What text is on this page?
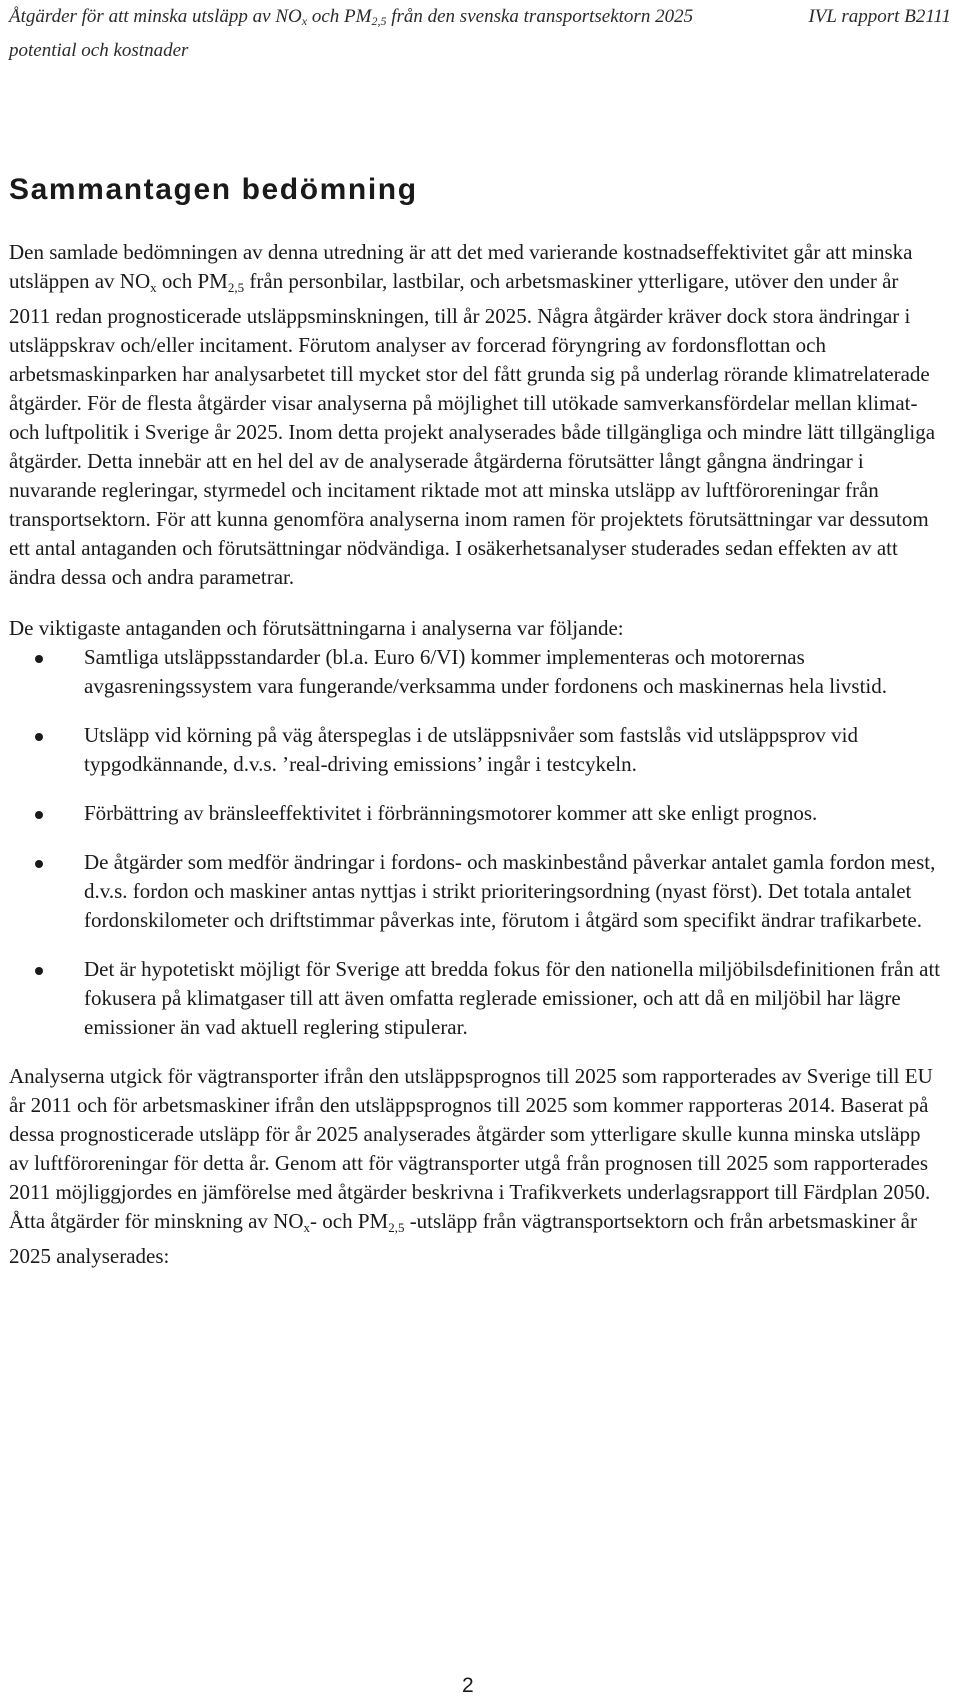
Åtgärder för att minska utsläpp av $NO_x$ och $PM_{2,5}$ från den svenska transportsektorn 2025	IVL rapport B2111
potential och kostnader
Sammantagen bedömning

Den samlade bedömningen av denna utredning är att det med varierande kostnadseffektivitet går att minska utsläppen av $NO_x$ och $PM_{2,5}$ från personbilar, lastbilar, och arbetsmaskiner ytterligare, utöver den under år 2011 redan prognosticerade utsläppsminskningen, till år 2025. Några åtgärder kräver dock stora ändringar i utsläppskrav och/eller incitament. Förutom analyser av forcerad föryngring av fordonsflottan och arbetsmaskinparken har analysarbetet till mycket stor del fått grunda sig på underlag rörande klimatrelaterade åtgärder. För de flesta åtgärder visar analyserna på möjlighet till utökade samverkansfördelar mellan klimat- och luftpolitik i Sverige år 2025. Inom detta projekt analyserades både tillgängliga och mindre lätt tillgängliga åtgärder. Detta innebär att en hel del av de analyserade åtgärderna förutsätter långt gångna ändringar i nuvarande regleringar, styrmedel och incitament riktade mot att minska utsläpp av luftföroreningar från transportsektorn. För att kunna genomföra analyserna inom ramen för projektets förutsättningar var dessutom ett antal antaganden och förutsättningar nödvändiga. I osäkerhetsanalyser studerades sedan effekten av att ändra dessa och andra parametrar.

De viktigaste antaganden och förutsättningarna i analyserna var följande:

Samtliga utsläppsstandarder (bl.a. Euro 6/VI) kommer implementeras och motorernas avgasreningssystem vara fungerande/verksamma under fordonens och maskinernas hela livstid.
Utsläpp vid körning på väg återspeglas i de utsläppsnivåer som fastslås vid utsläppsprov vid typgodkännande, d.v.s. ’real-driving emissions’ ingår i testcykeln.
Förbättring av bränsleeffektivitet i förbränningsmotorer kommer att ske enligt prognos.
De åtgärder som medför ändringar i fordons- och maskinbestånd påverkar antalet gamla fordon mest, d.v.s. fordon och maskiner antas nyttjas i strikt prioriteringsordning (nyast först). Det totala antalet fordonskilometer och driftstimmar påverkas inte, förutom i åtgärd som specifikt ändrar trafikarbete.
Det är hypotetiskt möjligt för Sverige att bredda fokus för den nationella miljöbilsdefinitionen från att fokusera på klimatgaser till att även omfatta reglerade emissioner, och att då en miljöbil har lägre emissioner än vad aktuell reglering stipulerar.

Analyserna utgick för vägtransporter ifrån den utsläppsprognos till 2025 som rapporterades av Sverige till EU år 2011 och för arbetsmaskiner ifrån den utsläppsprognos till 2025 som kommer rapporteras 2014. Baserat på dessa prognosticerade utsläpp för år 2025 analyserades åtgärder som ytterligare skulle kunna minska utsläpp av luftföroreningar för detta år. Genom att för vägtransporter utgå från prognosen till 2025 som rapporterades 2011 möjliggjordes en jämförelse med åtgärder beskrivna i Trafikverkets underlagsrapport till Färdplan 2050.

Åtta åtgärder för minskning av $NO_x-$ och $PM_{2,5}$ -utsläpp från vägtransportsektorn och från arbetsmaskiner år 2025 analyserades:

2
